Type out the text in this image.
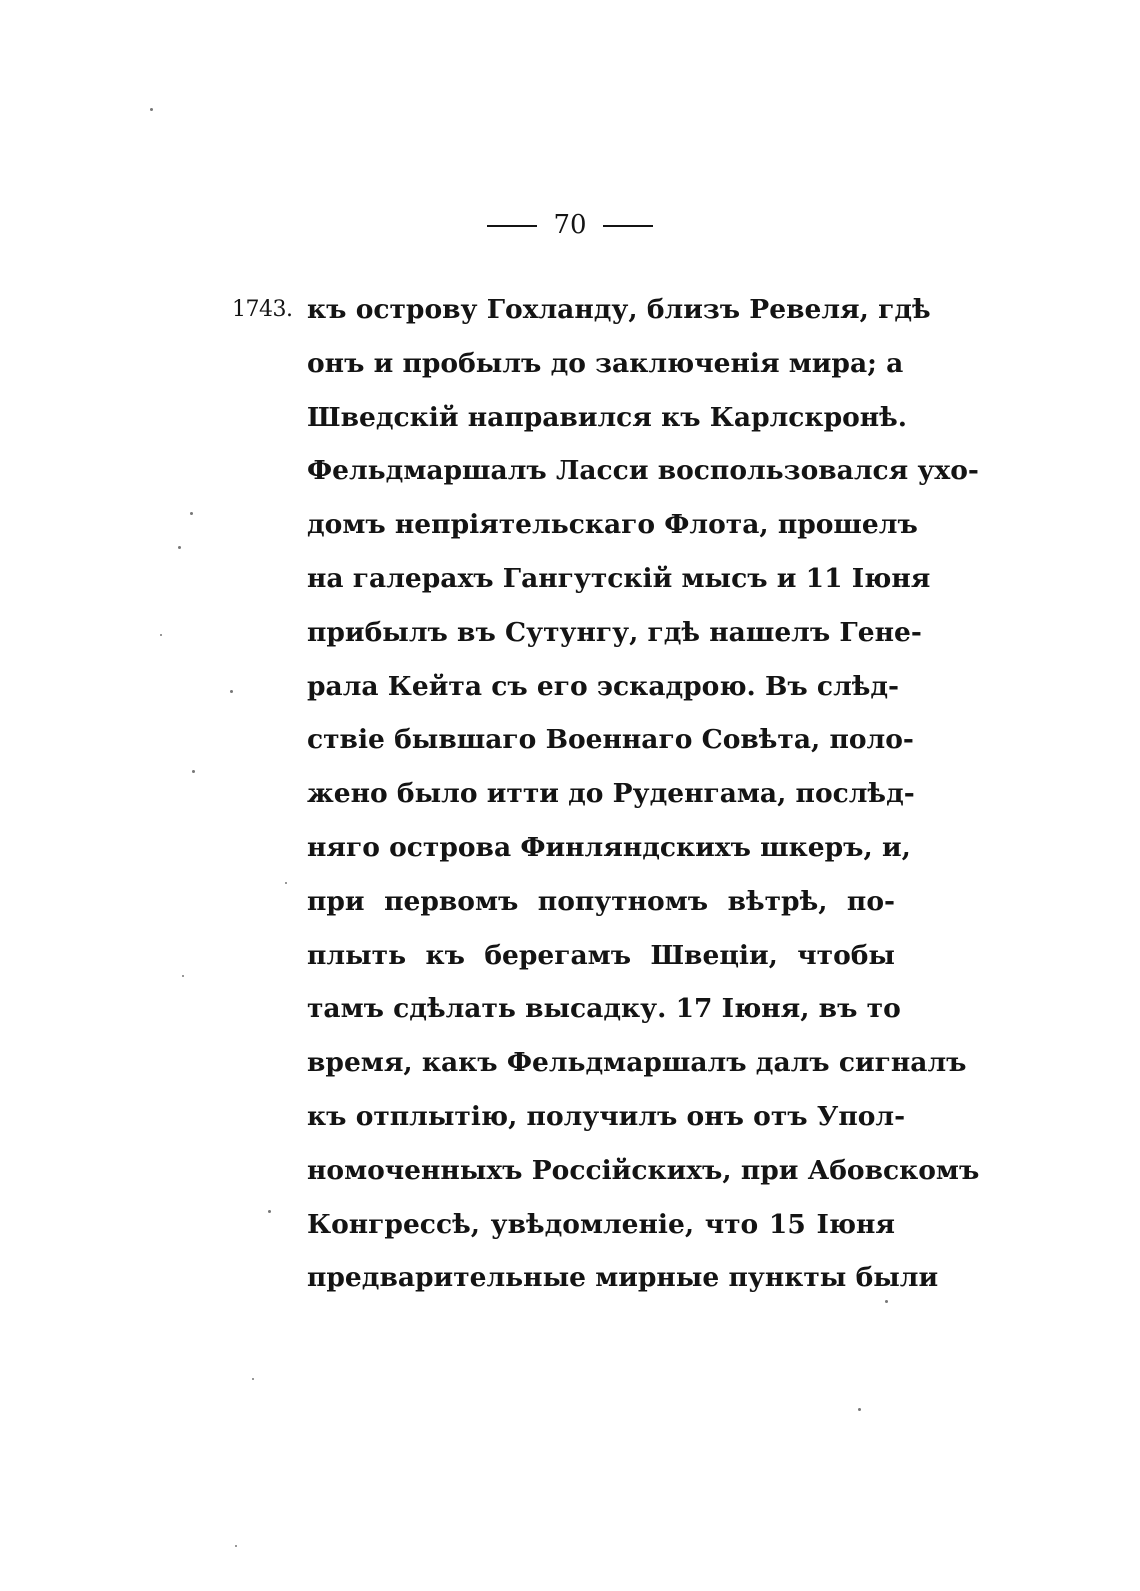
70
1743. къ острову Гохланду, близъ Ревеля, гдѣ
онъ и пробылъ до заключенія мира; а
Шведскій направился къ Карлскронѣ.
Фельдмаршалъ Ласси воспользовался ухо-
домъ непріятельскаго Флота, прошелъ
на галерахъ Гангутскій мысъ и 11 Іюня
прибылъ въ Сутунгу, гдѣ нашелъ Гене-
рала Кейта съ его эскадрою. Въ слѣд-
ствіе бывшаго Военнаго Совѣта, поло-
жено было итти до Руденгама, послѣд-
няго острова Финляндскихъ шкеръ, и,
при первомъ попутномъ вѣтрѣ, по-
плыть къ берегамъ Швеціи, чтобы
тамъ сдѣлать высадку. 17 Іюня, въ то
время, какъ Фельдмаршалъ далъ сигналъ
къ отплытію, получилъ онъ отъ Упол-
номоченныхъ Россійскихъ, при Абовскомъ
Конгрессѣ, увѣдомленіе, что 15 Іюня
предварительные мирные пункты были
